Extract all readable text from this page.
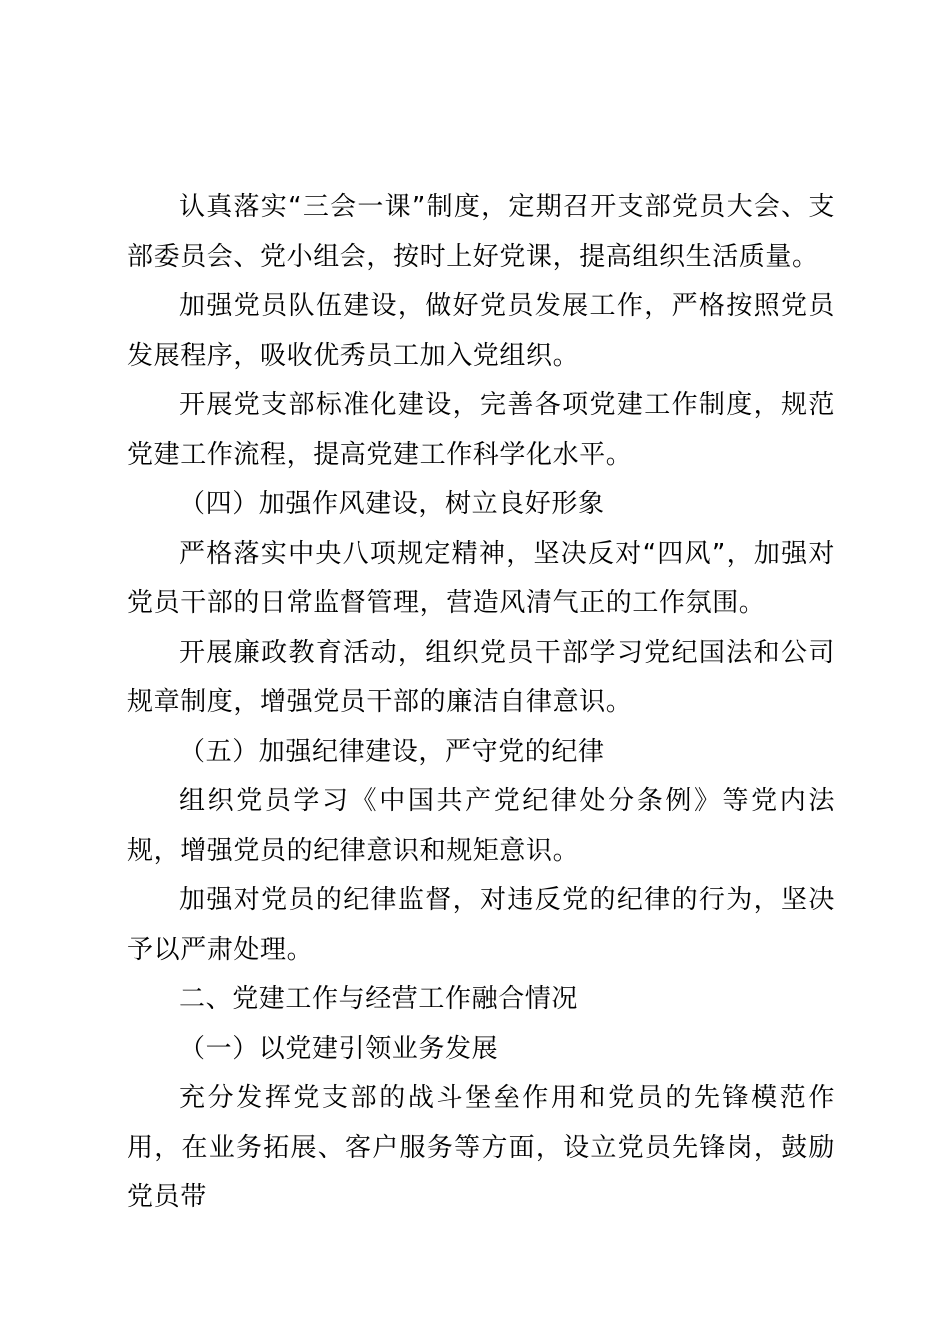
认真落实“三会一课”制度，定期召开支部党员大会、支部委员会、党小组会，按时上好党课，提高组织生活质量。

加强党员队伍建设，做好党员发展工作，严格按照党员发展程序，吸收优秀员工加入党组织。

开展党支部标准化建设，完善各项党建工作制度，规范党建工作流程，提高党建工作科学化水平。

（四）加强作风建设，树立良好形象

严格落实中央八项规定精神，坚决反对“四风”，加强对党员干部的日常监督管理，营造风清气正的工作氛围。

开展廉政教育活动，组织党员干部学习党纪国法和公司规章制度，增强党员干部的廉洁自律意识。

（五）加强纪律建设，严守党的纪律

组织党员学习《中国共产党纪律处分条例》等党内法规，增强党员的纪律意识和规矩意识。

加强对党员的纪律监督，对违反党的纪律的行为，坚决予以严肃处理。

二、党建工作与经营工作融合情况

（一）以党建引领业务发展

充分发挥党支部的战斗堡垒作用和党员的先锋模范作用，在业务拓展、客户服务等方面，设立党员先锋岗，鼓励党员带
